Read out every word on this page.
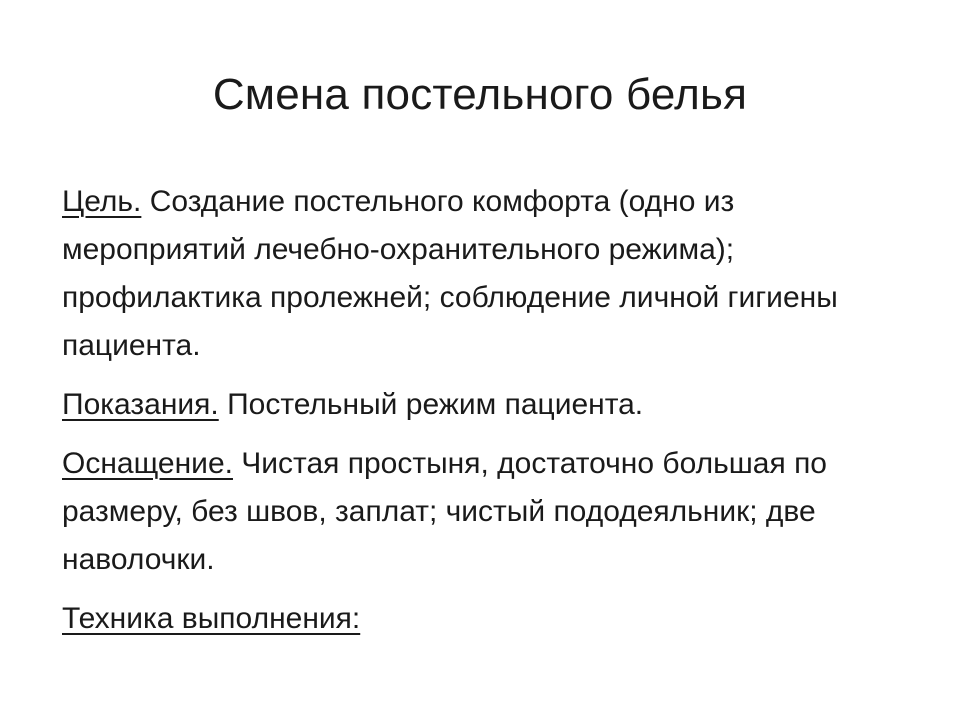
Смена постельного белья

Цель. Создание постельного комфорта (одно из мероприятий лечебно-охранительного режима); профилактика пролежней; соблюдение личной гигиены пациента.

Показания. Постельный режим пациента.

Оснащение. Чистая простыня, достаточно большая по размеру, без швов, заплат; чистый пододеяльник; две наволочки.

Техника выполнения:
